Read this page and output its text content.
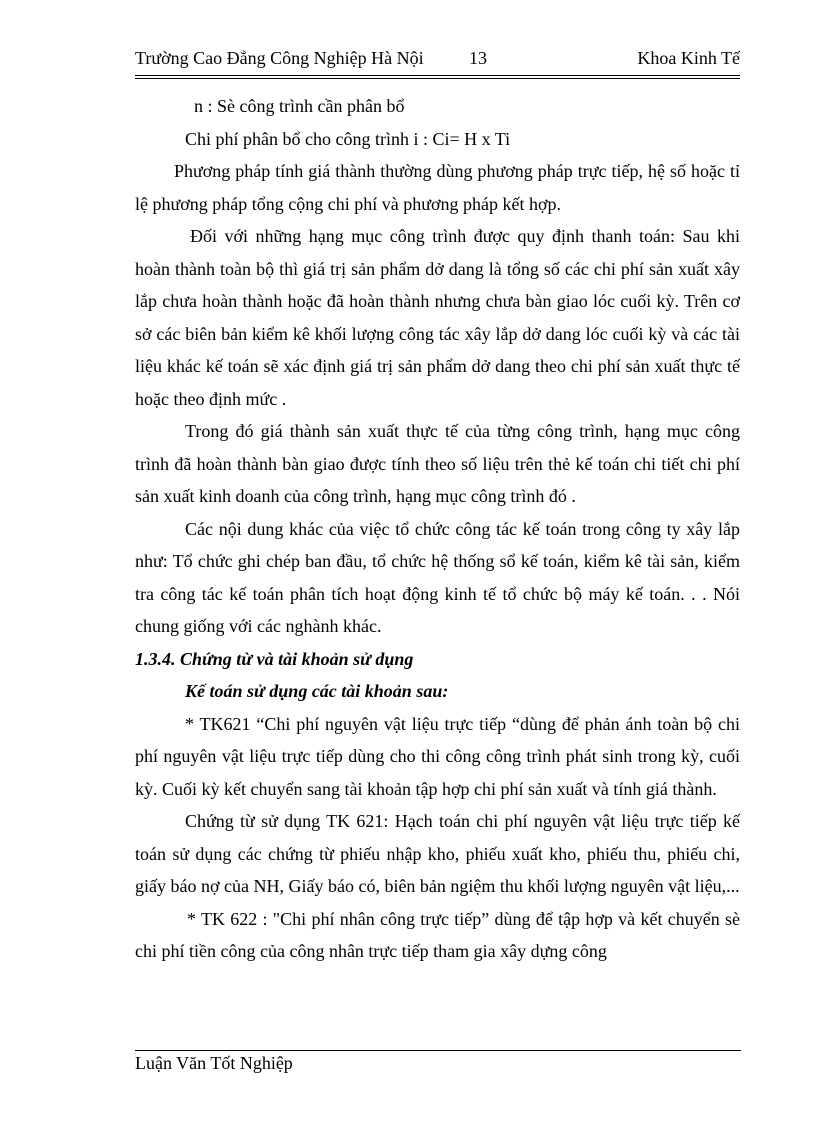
Trường Cao Đẳng Công Nghiệp Hà Nội	13	Khoa Kinh Tế

n : Sè công trình cần phân bổ

Chi phí phân bổ cho công trình i : Ci= H x Ti

Phương pháp tính giá thành thường dùng phương pháp trực tiếp, hệ số hoặc tỉ lệ phương pháp tổng cộng chi phí và phương pháp kết hợp.

Đối với những hạng mục công trình được quy định thanh toán: Sau khi hoàn thành toàn bộ thì giá trị sản phẩm dở dang là tổng số các chi phí sản xuất xây lắp chưa hoàn thành hoặc đã hoàn thành nhưng chưa bàn giao lóc cuối kỳ. Trên cơ sở các biên bản kiểm kê khối lượng công tác xây lắp dở dang lóc cuối kỳ và các tài liệu khác kế toán sẽ xác định giá trị sản phẩm dở dang theo chi phí sản xuất thực tế hoặc theo định mức .

Trong đó giá thành sản xuất thực tế của từng công trình, hạng mục công trình đã hoàn thành bàn giao được tính theo số liệu trên thẻ kế toán chi tiết chi phí sản xuất kinh doanh của công trình, hạng mục công trình đó .

Các nội dung khác của việc tổ chức công tác kế toán trong công ty xây lắp như: Tổ chức ghi chép ban đầu, tổ chức hệ thống sổ kế toán, kiểm kê tài sản, kiểm tra công tác kế toán phân tích hoạt động kinh tế tổ chức bộ máy kế toán. . . Nói chung giống với các nghành khác.

1.3.4. Chứng từ và tài khoản sử dụng

Kế toán sử dụng các tài khoản sau:

* TK621 “Chi phí nguyên vật liệu trực tiếp “dùng để phản ánh toàn bộ chi phí nguyên vật liệu trực tiếp dùng cho thi công công trình phát sinh trong kỳ, cuối kỳ. Cuối kỳ kết chuyển sang tài khoản tập hợp chi phí sản xuất và tính giá thành.

Chứng từ sử dụng TK 621: Hạch toán chi phí nguyên vật liệu trực tiếp kế toán sử dụng các chứng từ phiếu nhập kho, phiếu xuất kho, phiếu thu, phiếu chi, giấy báo nợ của NH, Giấy báo có, biên bản ngiệm thu khối lượng nguyên vật liệu,...

* TK 622 : "Chi phí nhân công trực tiếp” dùng để tập hợp và kết chuyển sè chi phí tiền công của công nhân trực tiếp tham gia xây dựng công

Luận Văn Tốt Nghiệp
